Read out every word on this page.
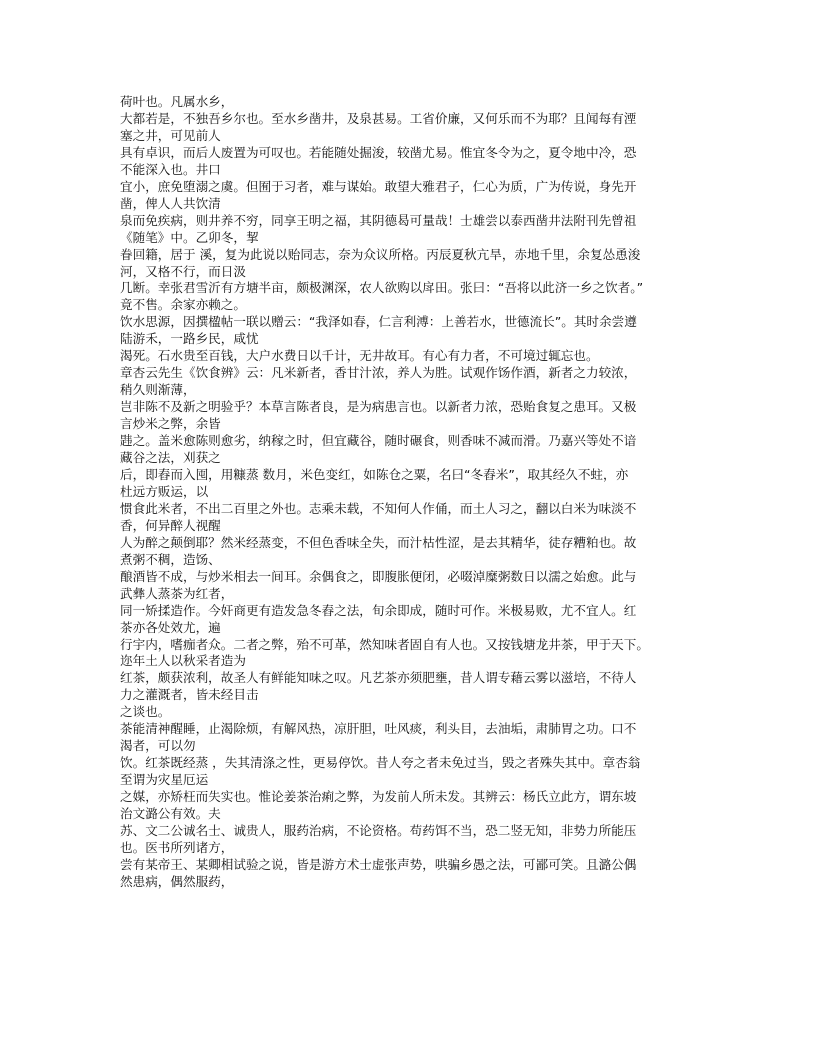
荷叶也。凡属水乡，
大都若是，不独吾乡尔也。至水乡凿井，及泉甚易。工省价廉，又何乐而不为耶？且闻每有湮
塞之井，可见前人
具有卓识，而后人废置为可叹也。若能随处掘浚，较凿尤易。惟宜冬令为之，夏令地中冷，恐
不能深入也。井口
宜小，庶免堕溺之虞。但囿于习者，难与谋始。敢望大雅君子，仁心为质，广为传说，身先开
凿，俾人人共饮清
泉而免疾病，则井养不穷，同享王明之福，其阴德曷可量哉！士雄尝以泰西凿井法附刊先曾祖
《随笔》中。乙卯冬，挈
眷回籍，居于 溪，复为此说以贻同志，奈为众议所格。丙辰夏秋亢旱，赤地千里，余复怂恿浚
河，又格不行，而日汲
几断。幸张君雪沂有方塘半亩，颇极渊深，农人欲购以戽田。张曰：“吾将以此济一乡之饮者。”
竟不售。余家亦赖之。
饮水思源，因撰楹帖一联以赠云：“我泽如春，仁言利溥：上善若水，世德流长”。其时余尝遵
陆游禾，一路乡民，咸忧
渴死。石水贵至百钱，大户水费日以千计，无井故耳。有心有力者，不可境过辄忘也。
章杏云先生《饮食辨》云：凡米新者，香甘汁浓，养人为胜。试观作饧作酒，新者之力较浓，
稍久则渐薄，
岂非陈不及新之明验乎？本草言陈者良，是为病患言也。以新者力浓，恐贻食复之患耳。又极
言炒米之弊，余皆
韪之。盖米愈陈则愈劣，纳稼之时，但宜藏谷，随时碾食，则香味不减而滑。乃嘉兴等处不谙
藏谷之法，刈获之
后，即舂而入囤，用糠蒸 数月，米色变红，如陈仓之粟，名曰“冬舂米”，取其经久不蛀，亦
杜远方贩运，以
惯食此米者，不出二百里之外也。志乘未载，不知何人作俑，而土人习之，翻以白米为味淡不
香，何异醉人视醒
人为醉之颠倒耶？然米经蒸变，不但色香味全失，而汁枯性涩，是去其精华，徒存糟粕也。故
煮粥不稠，造饧、
酿酒皆不成，与炒米相去一间耳。余偶食之，即腹胀便闭，必啜淖糜粥数日以濡之始愈。此与
武彝人蒸茶为红者，
同一矫揉造作。今奸商更有造发急冬舂之法，旬余即成，随时可作。米极易败，尤不宜人。红
茶亦各处效尤，遍
行宇内，嗜痂者众。二者之弊，殆不可革，然知味者固自有人也。又按钱塘龙井茶，甲于天下。
迩年土人以秋采者造为
红茶，颇获浓利，故圣人有鲜能知味之叹。凡艺茶亦须肥壅，昔人谓专藉云雾以滋培，不待人
力之灌溉者，皆未经目击
之谈也。
茶能清神醒睡，止渴除烦，有解风热，凉肝胆，吐风痰，利头目，去油垢，肃肺胃之功。口不
渴者，可以勿
饮。红茶既经蒸 ，失其清涤之性，更易停饮。昔人夸之者未免过当，毁之者殊失其中。章杏翁
至谓为灾星厄运
之媒，亦矫枉而失实也。惟论姜茶治痢之弊，为发前人所未发。其辨云：杨氏立此方，谓东坡
治文潞公有效。夫
苏、文二公诚名士、诚贵人，服药治病，不论资格。苟药饵不当，恐二竖无知，非势力所能压
也。医书所列诸方，
尝有某帝王、某卿相试验之说，皆是游方术士虚张声势，哄骗乡愚之法，可鄙可笑。且潞公偶
然患病，偶然服药，
